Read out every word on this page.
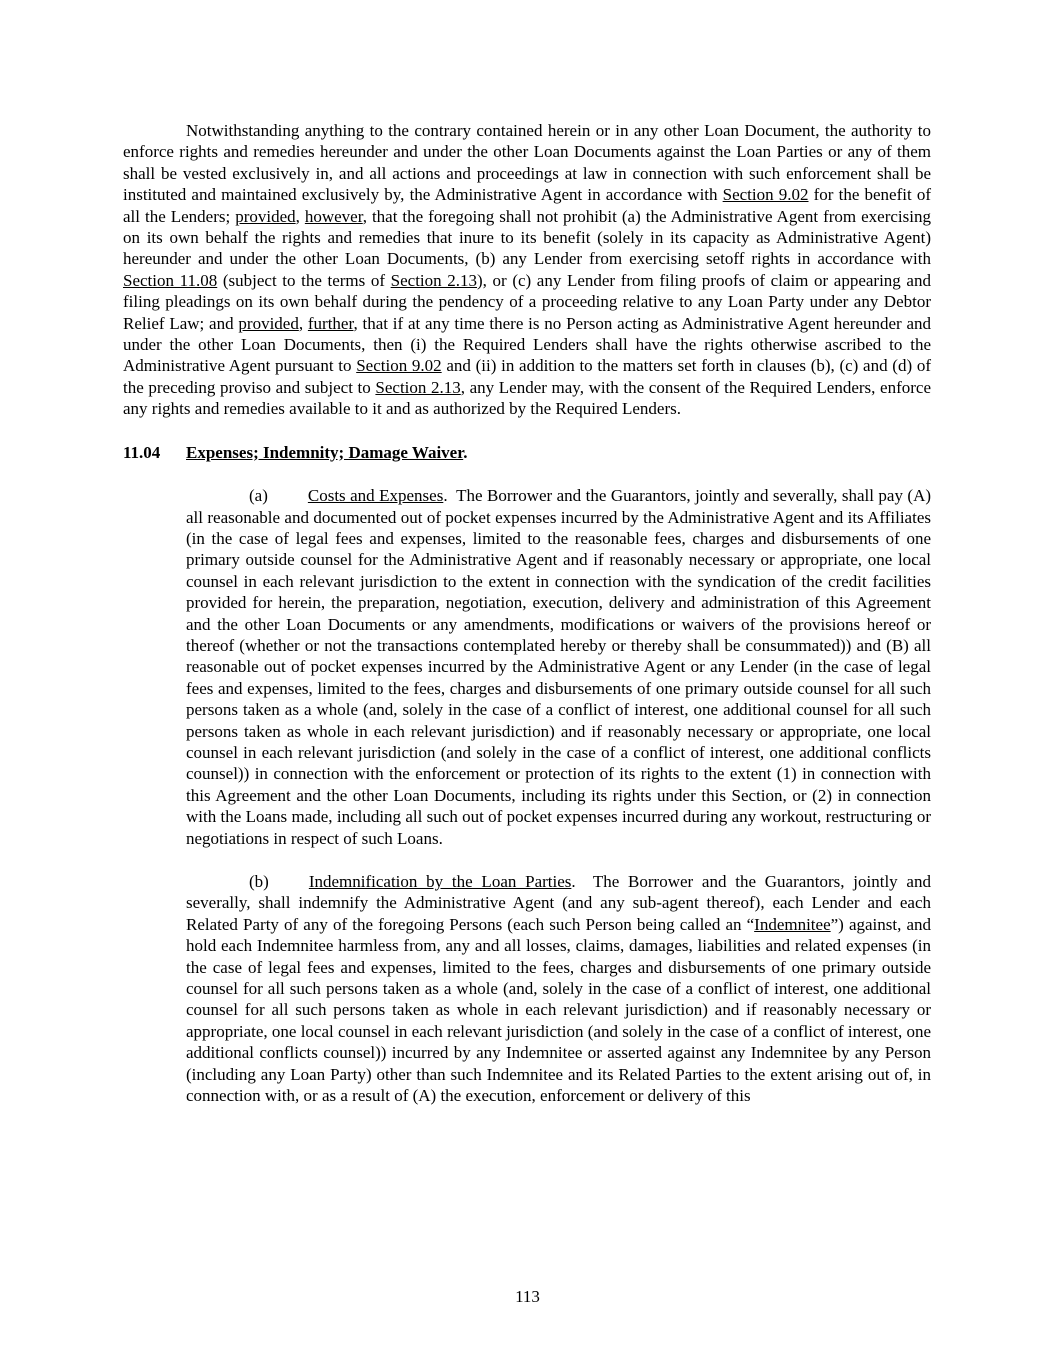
Notwithstanding anything to the contrary contained herein or in any other Loan Document, the authority to enforce rights and remedies hereunder and under the other Loan Documents against the Loan Parties or any of them shall be vested exclusively in, and all actions and proceedings at law in connection with such enforcement shall be instituted and maintained exclusively by, the Administrative Agent in accordance with Section 9.02 for the benefit of all the Lenders; provided, however, that the foregoing shall not prohibit (a) the Administrative Agent from exercising on its own behalf the rights and remedies that inure to its benefit (solely in its capacity as Administrative Agent) hereunder and under the other Loan Documents, (b) any Lender from exercising setoff rights in accordance with Section 11.08 (subject to the terms of Section 2.13), or (c) any Lender from filing proofs of claim or appearing and filing pleadings on its own behalf during the pendency of a proceeding relative to any Loan Party under any Debtor Relief Law; and provided, further, that if at any time there is no Person acting as Administrative Agent hereunder and under the other Loan Documents, then (i) the Required Lenders shall have the rights otherwise ascribed to the Administrative Agent pursuant to Section 9.02 and (ii) in addition to the matters set forth in clauses (b), (c) and (d) of the preceding proviso and subject to Section 2.13, any Lender may, with the consent of the Required Lenders, enforce any rights and remedies available to it and as authorized by the Required Lenders.
11.04 Expenses; Indemnity; Damage Waiver.
(a) Costs and Expenses.  The Borrower and the Guarantors, jointly and severally, shall pay (A) all reasonable and documented out of pocket expenses incurred by the Administrative Agent and its Affiliates (in the case of legal fees and expenses, limited to the reasonable fees, charges and disbursements of one primary outside counsel for the Administrative Agent and if reasonably necessary or appropriate, one local counsel in each relevant jurisdiction to the extent in connection with the syndication of the credit facilities provided for herein, the preparation, negotiation, execution, delivery and administration of this Agreement and the other Loan Documents or any amendments, modifications or waivers of the provisions hereof or thereof (whether or not the transactions contemplated hereby or thereby shall be consummated)) and (B) all reasonable out of pocket expenses incurred by the Administrative Agent or any Lender (in the case of legal fees and expenses, limited to the fees, charges and disbursements of one primary outside counsel for all such persons taken as a whole (and, solely in the case of a conflict of interest, one additional counsel for all such persons taken as whole in each relevant jurisdiction) and if reasonably necessary or appropriate, one local counsel in each relevant jurisdiction (and solely in the case of a conflict of interest, one additional conflicts counsel)) in connection with the enforcement or protection of its rights to the extent (1) in connection with this Agreement and the other Loan Documents, including its rights under this Section, or (2) in connection with the Loans made, including all such out of pocket expenses incurred during any workout, restructuring or negotiations in respect of such Loans.
(b) Indemnification by the Loan Parties.  The Borrower and the Guarantors, jointly and severally, shall indemnify the Administrative Agent (and any sub-agent thereof), each Lender and each Related Party of any of the foregoing Persons (each such Person being called an “Indemnitee”) against, and hold each Indemnitee harmless from, any and all losses, claims, damages, liabilities and related expenses (in the case of legal fees and expenses, limited to the fees, charges and disbursements of one primary outside counsel for all such persons taken as a whole (and, solely in the case of a conflict of interest, one additional counsel for all such persons taken as whole in each relevant jurisdiction) and if reasonably necessary or appropriate, one local counsel in each relevant jurisdiction (and solely in the case of a conflict of interest, one additional conflicts counsel)) incurred by any Indemnitee or asserted against any Indemnitee by any Person (including any Loan Party) other than such Indemnitee and its Related Parties to the extent arising out of, in connection with, or as a result of (A) the execution, enforcement or delivery of this
113
